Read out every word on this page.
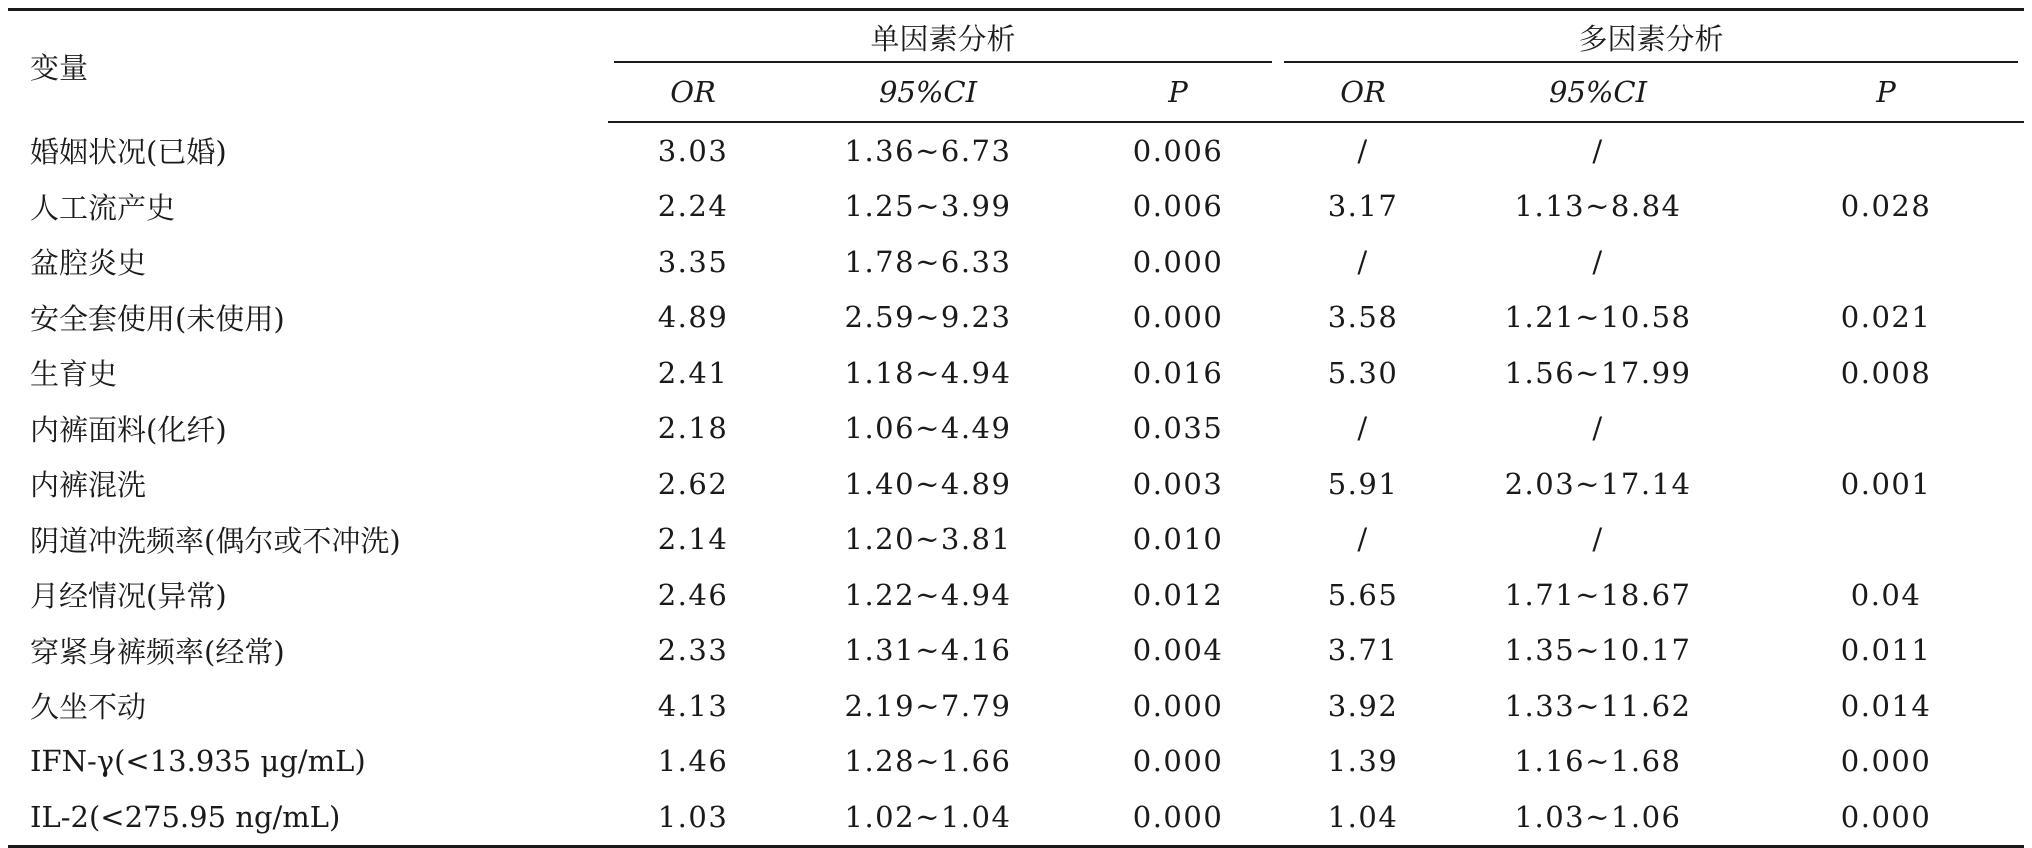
变量	单因素分析			多因素分析		

	OR	95%CI	P	OR	95%CI	P
婚姻状况(已婚)	3.03	1.36~6.73	0.006	/	/	
人工流产史	2.24	1.25~3.99	0.006	3.17	1.13~8.84	0.028
盆腔炎史	3.35	1.78~6.33	0.000	/	/	
安全套使用(未使用)	4.89	2.59~9.23	0.000	3.58	1.21~10.58	0.021
生育史	2.41	1.18~4.94	0.016	5.30	1.56~17.99	0.008
内裤面料(化纤)	2.18	1.06~4.49	0.035	/	/	
内裤混洗	2.62	1.40~4.89	0.003	5.91	2.03~17.14	0.001
阴道冲洗频率(偶尔或不冲洗)	2.14	1.20~3.81	0.010	/	/	
月经情况(异常)	2.46	1.22~4.94	0.012	5.65	1.71~18.67	0.04
穿紧身裤频率(经常)	2.33	1.31~4.16	0.004	3.71	1.35~10.17	0.011
久坐不动	4.13	2.19~7.79	0.000	3.92	1.33~11.62	0.014
IFN-γ(<13.935 μg/mL)	1.46	1.28~1.66	0.000	1.39	1.16~1.68	0.000
IL-2(<275.95 ng/mL)	1.03	1.02~1.04	0.000	1.04	1.03~1.06	0.000
